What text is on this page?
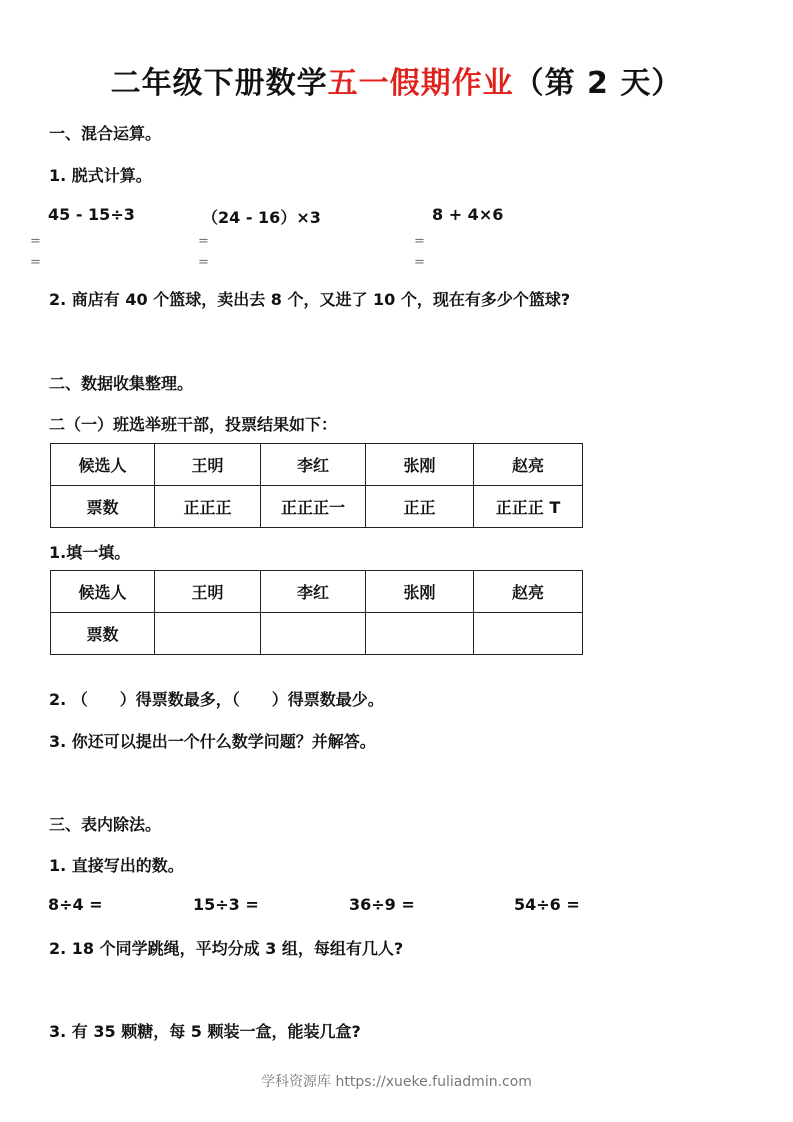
二年级下册数学五一假期作业（第 2 天）
一、混合运算。
1. 脱式计算。
45 - 15÷3	（24 - 16）×3	8 + 4×6
=
=
=
=
=
=
2. 商店有 40 个篮球，卖出去 8 个，又进了 10 个，现在有多少个篮球?
二、数据收集整理。
二（一）班选举班干部，投票结果如下：
候选人	王明	李红	张刚	赵亮
票数	正正正	正正正一	正正	正正正 T
1.填一填。
候选人	王明	李红	张刚	赵亮
票数				
2. （　　）得票数最多，（　　）得票数最少。
3. 你还可以提出一个什么数学问题？并解答。
三、表内除法。
1. 直接写出的数。
8÷4 =	15÷3 =	36÷9 =	54÷6 =
2. 18 个同学跳绳，平均分成 3 组，每组有几人?
3. 有 35 颗糖，每 5 颗装一盒，能装几盒?
学科资源库 https://xueke.fuliadmin.com
